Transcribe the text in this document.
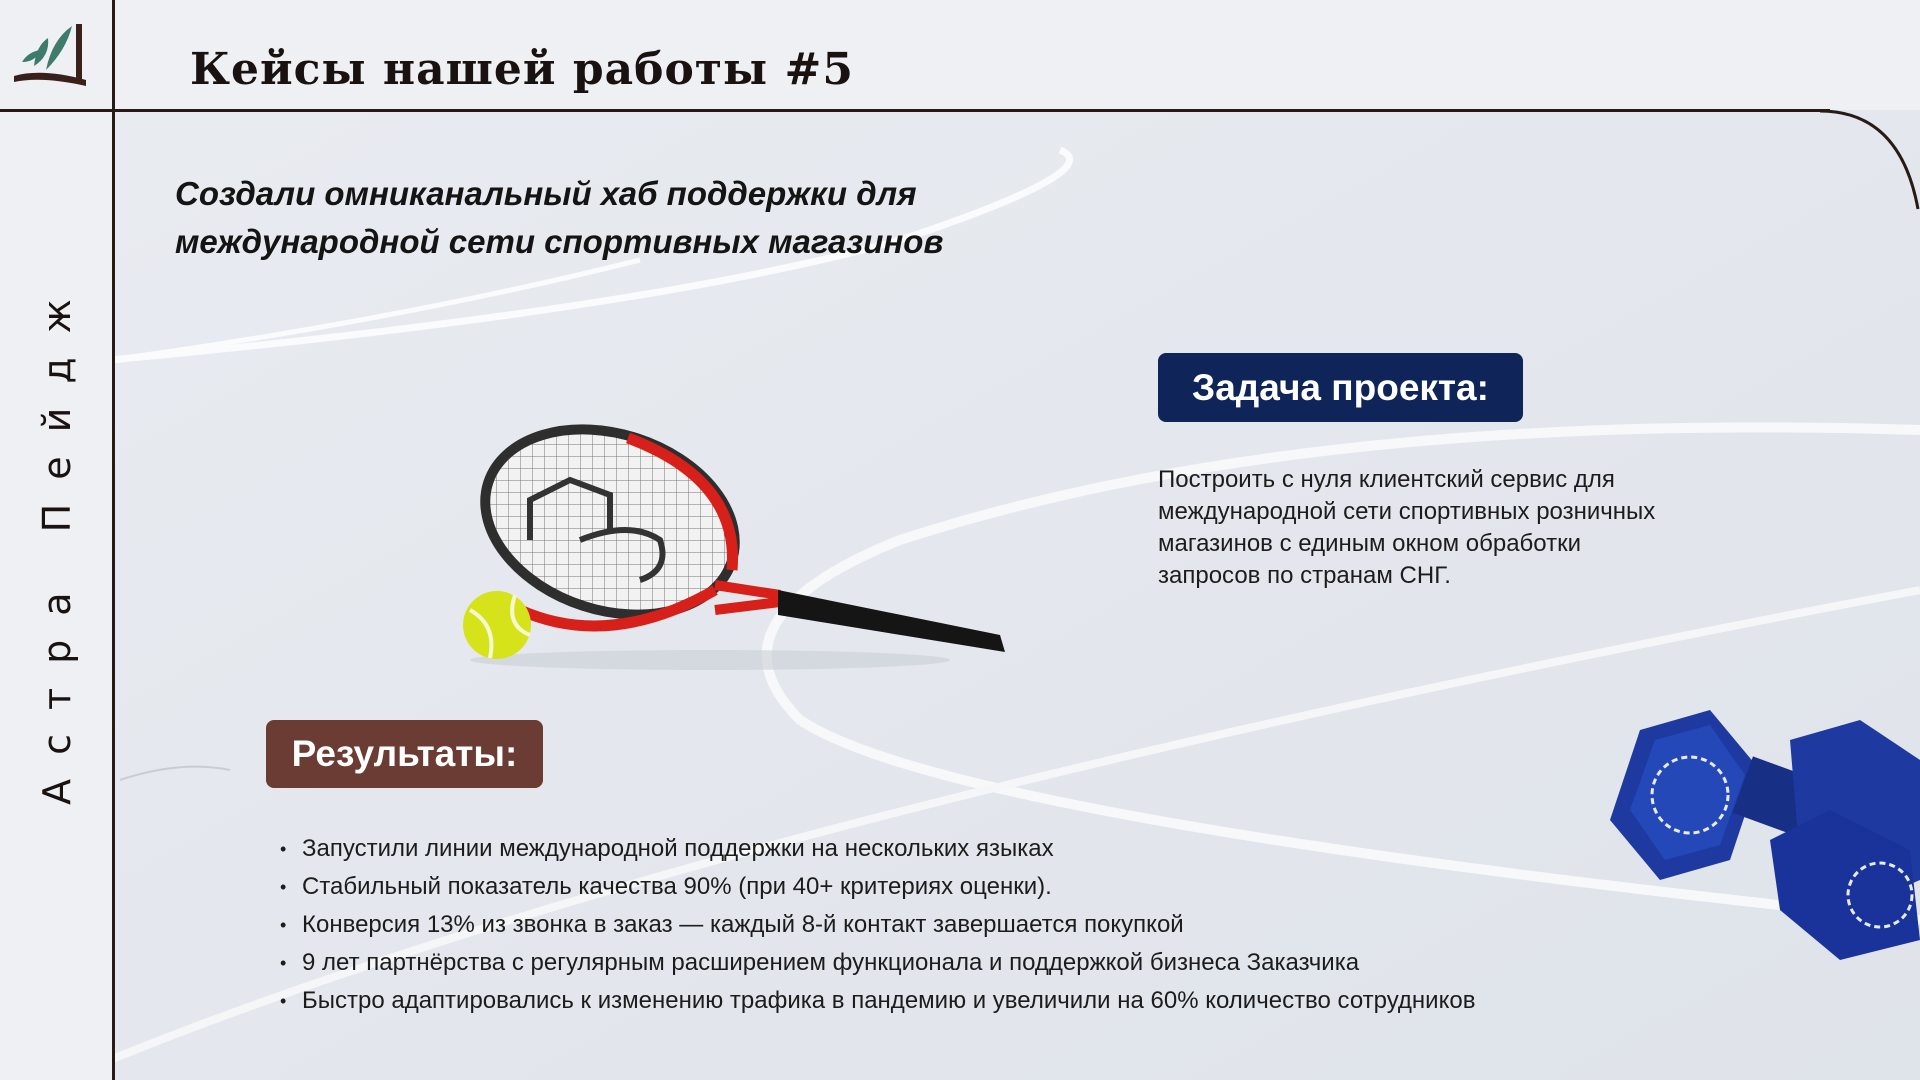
Кейсы нашей работы #5
Астра Пейдж
Создали омниканальный хаб поддержки для международной сети спортивных магазинов
Задача проекта:
Построить с нуля клиентский сервис для международной сети спортивных розничных магазинов с единым окном обработки запросов по странам СНГ.
Результаты:
• Запустили линии международной поддержки на нескольких языках
• Стабильный показатель качества 90% (при 40+ критериях оценки).
• Конверсия 13% из звонка в заказ — каждый 8-й контакт завершается покупкой
• 9 лет партнёрства с регулярным расширением функционала и поддержкой бизнеса Заказчика
• Быстро адаптировались к изменению трафика в пандемию и увеличили на 60% количество сотрудников
